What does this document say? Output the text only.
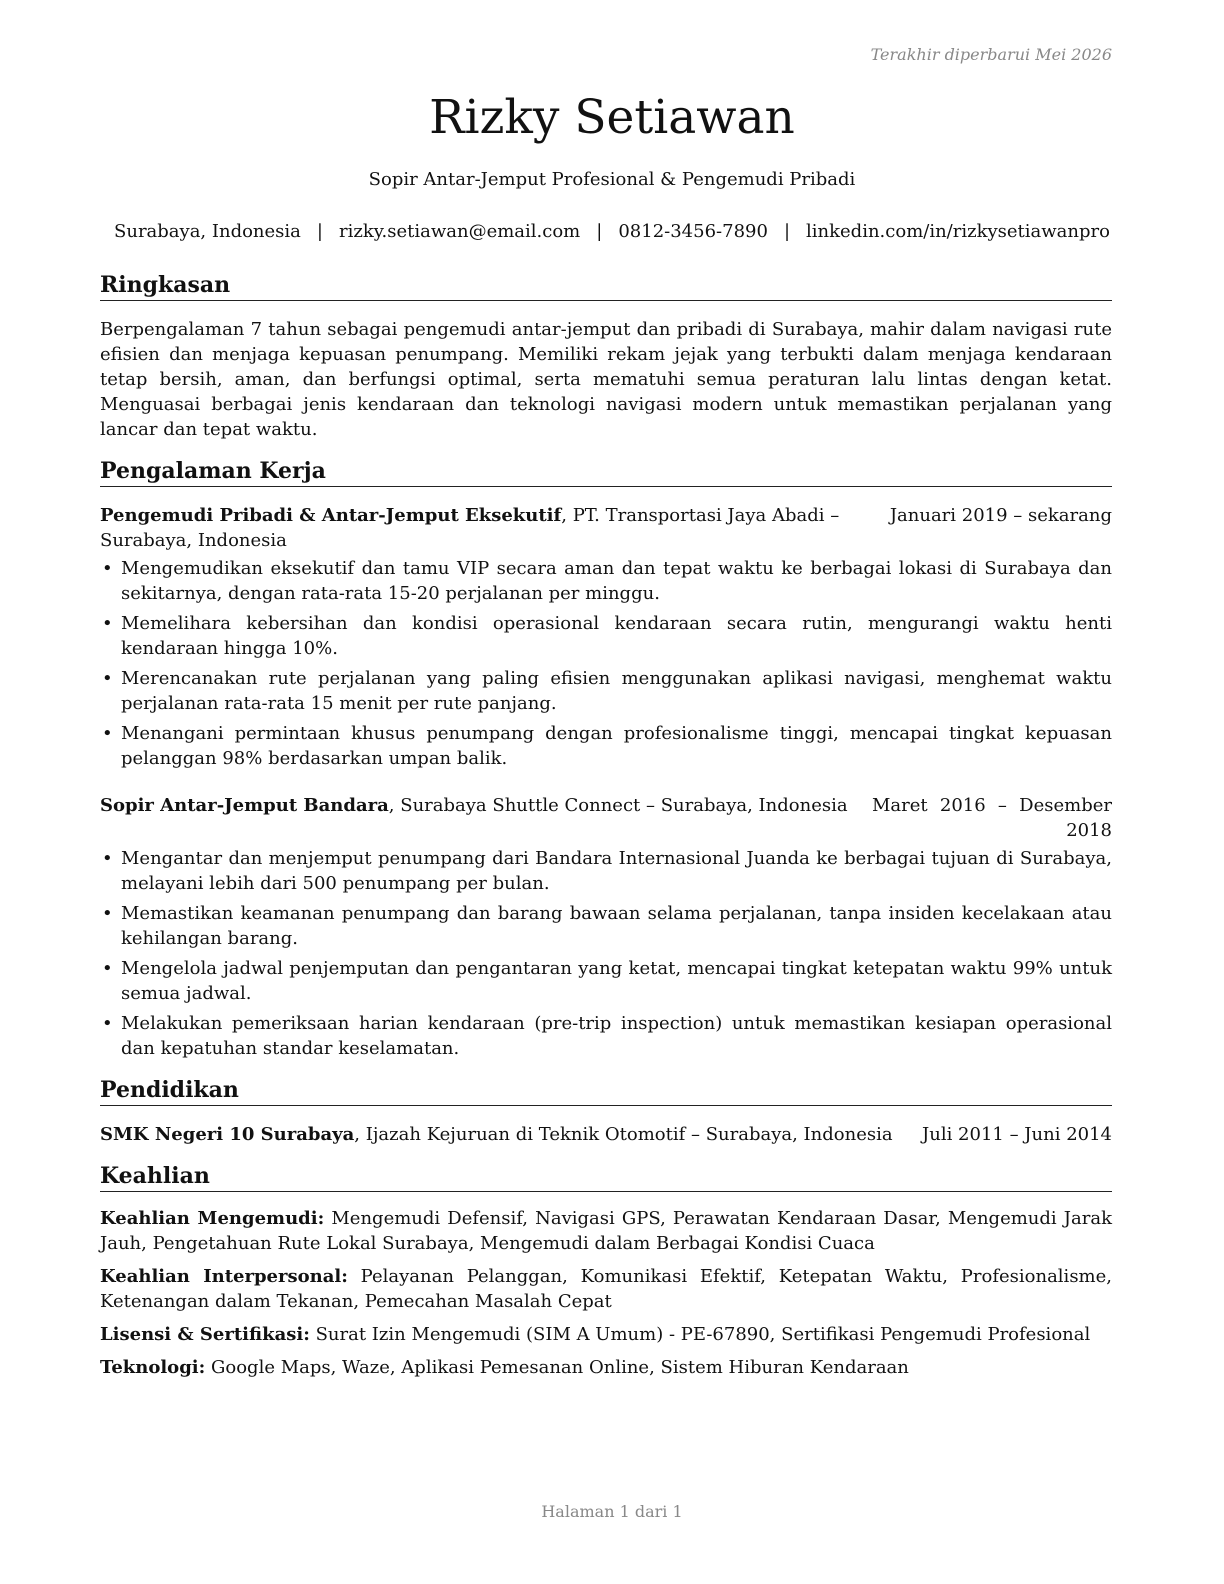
Terakhir diperbarui Mei 2026
Rizky Setiawan
Sopir Antar-Jemput Profesional & Pengemudi Pribadi
Surabaya, Indonesia | rizky.setiawan@email.com | 0812-3456-7890 | linkedin.com/in/rizkysetiawanpro
Ringkasan
Berpengalaman 7 tahun sebagai pengemudi antar-jemput dan pribadi di Surabaya, mahir dalam navigasi rute efisien dan menjaga kepuasan penumpang. Memiliki rekam jejak yang terbukti dalam menjaga kendaraan tetap bersih, aman, dan berfungsi optimal, serta mematuhi semua peraturan lalu lintas dengan ketat. Menguasai berbagai jenis kendaraan dan teknologi navigasi modern untuk memastikan perjalanan yang lancar dan tepat waktu.
Pengalaman Kerja
Pengemudi Pribadi & Antar-Jemput Eksekutif, PT. Transportasi Jaya Abadi – Surabaya, Indonesia
Januari 2019 – sekarang
• Mengemudikan eksekutif dan tamu VIP secara aman dan tepat waktu ke berbagai lokasi di Surabaya dan sekitarnya, dengan rata-rata 15-20 perjalanan per minggu.
• Memelihara kebersihan dan kondisi operasional kendaraan secara rutin, mengurangi waktu henti kendaraan hingga 10%.
• Merencanakan rute perjalanan yang paling efisien menggunakan aplikasi navigasi, menghemat waktu perjalanan rata-rata 15 menit per rute panjang.
• Menangani permintaan khusus penumpang dengan profesionalisme tinggi, mencapai tingkat kepuasan pelanggan 98% berdasarkan umpan balik.
Sopir Antar-Jemput Bandara, Surabaya Shuttle Connect – Surabaya, Indonesia Maret 2016 – Desember 2018
• Mengantar dan menjemput penumpang dari Bandara Internasional Juanda ke berbagai tujuan di Surabaya, melayani lebih dari 500 penumpang per bulan.
• Memastikan keamanan penumpang dan barang bawaan selama perjalanan, tanpa insiden kecelakaan atau kehilangan barang.
• Mengelola jadwal penjemputan dan pengantaran yang ketat, mencapai tingkat ketepatan waktu 99% untuk semua jadwal.
• Melakukan pemeriksaan harian kendaraan (pre-trip inspection) untuk memastikan kesiapan operasional dan kepatuhan standar keselamatan.
Pendidikan
SMK Negeri 10 Surabaya, Ijazah Kejuruan di Teknik Otomotif – Surabaya, Indonesia	Juli 2011 – Juni 2014
Keahlian
Keahlian Mengemudi: Mengemudi Defensif, Navigasi GPS, Perawatan Kendaraan Dasar, Mengemudi Jarak Jauh, Pengetahuan Rute Lokal Surabaya, Mengemudi dalam Berbagai Kondisi Cuaca
Keahlian Interpersonal: Pelayanan Pelanggan, Komunikasi Efektif, Ketepatan Waktu, Profesionalisme, Ketenangan dalam Tekanan, Pemecahan Masalah Cepat
Lisensi & Sertifikasi: Surat Izin Mengemudi (SIM A Umum) - PE-67890, Sertifikasi Pengemudi Profesional
Teknologi: Google Maps, Waze, Aplikasi Pemesanan Online, Sistem Hiburan Kendaraan
Halaman 1 dari 1
